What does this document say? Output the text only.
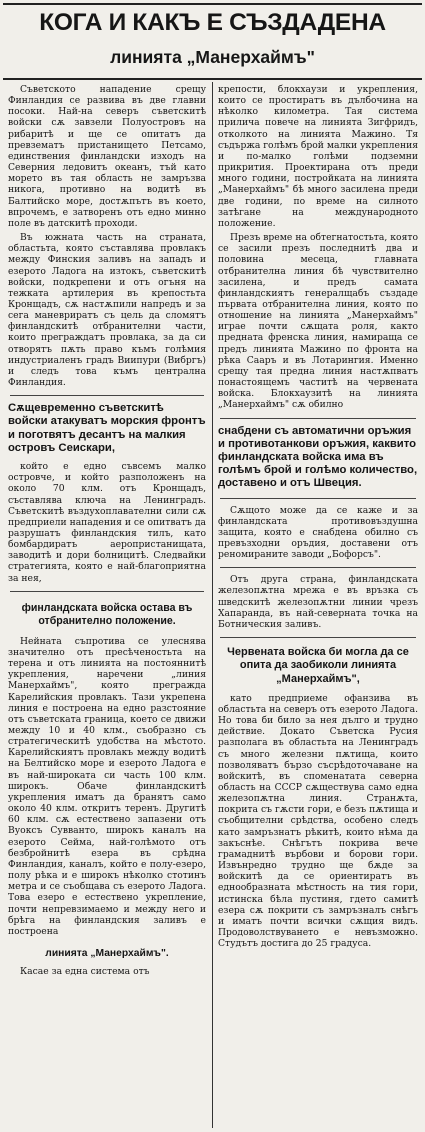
КОГА И КАКЪ Е СЪЗДАДЕНА
линията „Манерхаймъ"

Съветското нападение срещу Финландия се развива въ две главни посоки. Най-на северъ съветскитѣ войски сѫ завзели Полуостровъ на рибаритѣ и ще се опитатъ да превзематъ пристанището Петсамо, единствения финландски изходъ на Северния ледовитъ океанъ, тъй като морето въ тая область не замръзва никога, противно на водитѣ въ Балтийско море, достѫпътъ въ което, впрочемъ, е затворенъ отъ едно минно поле въ датскитѣ проходи.

Въ южната часть на страната, областьта, която съставлява провлакъ между Финския заливъ на западъ и езерото Ладога на изтокъ, съветскитѣ войски, подкрепени и отъ огъня на тежката артилерия въ крепостьта Кронщадъ, сѫ настѫпили напредъ и за сега маневриратъ съ цель да сломятъ финландскитѣ отбранителни части, които преграждатъ провлака, за да си отворятъ пѫть право къмъ голѣмия индустриаленъ градъ Виипури (Вибргъ) и следъ това къмъ централна Финландия.

Сѫщевременно съветскитѣ войски атакуватъ морския фронтъ и поготвятъ десантъ на малкия островъ Сеискари,

който е едно съвсемъ малко островче, и който разположенъ на около 70 клм. отъ Кронщадъ, съставлява ключа на Ленинградъ. Съветскитѣ въздухоплавателни сили сѫ предприели нападения и се опитватъ да разрушатъ финландския тилъ, като бомбардиратъ аеропристанищата, заводитѣ и дори болницитѣ. Следвайки стратегията, която е най-благоприятна за нея,

финландската войска остава въ отбранително положение.

Нейната съпротива се улеснява значително отъ пресѣченостьта на терена и отъ линията на постояннитѣ укрепления, наречени „линия Манерхаймъ", която преграждa Карелийския провлакъ. Тази укрепена линия е построена на едно разстояние отъ съветската граница, което се движи между 10 и 40 клм., съобразно съ стратегическитѣ удобства на мѣстото. Карелийскиятъ провлакъ между водитѣ на Белтийско море и езерото Ладога е въ най-широката си часть 100 клм. широкъ. Обаче финландскитѣ укрепления иматъ да бранятъ само около 40 клм. откритъ теренъ. Другитѣ 60 клм. сѫ естествено запазени отъ Вуоксъ Сувванто, широкъ каналъ на езерото Сейма, най-голѣмото отъ безбройнитѣ езера въ срѣдна Финландия, каналъ, който е полу-езеро, полу рѣка и е широкъ нѣколко стотинъ метра и се съобщава съ езерото Ладога. Това езеро е естествено укрепление, почти непревзимаемо и между него и брѣга на финландския заливъ е построена

линията „Манерхаймъ".

Касае за една система отъ

крепости, блокхаузи и укрепления, които се простиратъ въ дълбочина на нѣколко километра. Тая система прилича повече на линията Зигфридъ, отколкото на линията Мажино. Тя съдържа голѣмъ брой малки укрепления и по-малко голѣми подземни прикрития. Проектирана отъ преди много години, постройката на линията „Манерхаймъ" бѣ много засилена преди две години, по време на силното затѣгане на международното положение.

Презъ време на обтегнатостьта, която се засили презъ последнитѣ два и половина месеца, главната отбранителна линия бѣ чувствително засилена, и предъ самата финландскиятъ генералщабъ създаде първата отбранителна линия, която по отношение на линията „Манерхаймъ" играе почти сѫщата роля, както предната френска линия, намираща се предъ линията Мажино по фронта на рѣка Сааръ и въ Лотарингия. Именно срещу тая предна линия настѫпватъ понастоящемъ частитѣ на червената войска. Блокхаузитѣ на линията „Манерхаймъ" сѫ обилно

снабдени съ автоматични оръжия и противотанкови оръжия, каквито финландската войска има въ голѣмъ брой и голѣмо количество, доставено и отъ Швеция.

Сѫщото може да се каже и за финландската противовъздушна защита, която е снабдена обилно съ превъзходни оръдия, доставени отъ реномираните заводи „Бофорсъ".

Отъ друга страна, финландската железопѫтна мрежа е въ връзка съ шведскитѣ железопѫтни линии чрезъ Хапаранда, въ най-северната точка на Ботническия заливъ.

Червената войска би могла да се опита да заобиколи линията „Манерхаймъ",

като предприеме офанзива въ областьта на северъ отъ езерото Ладога. Но това би било за нея дълго и трудно действие. Докато Съветска Русия разполага въ областьта на Ленинградъ съ много железни пѫтища, които позволяватъ бързо съсрѣдоточаване на войскитѣ, въ споменатата северна область на СССР сѫществува само една железопѫтна линия. Странѫта, покрита съ гѫсти гори, е безъ пѫтища и съобщителни срѣдства, особено следъ като замръзнатъ рѣкитѣ, които нѣма да закъснѣе. Снѣгътъ покрива вече грамаднитѣ върбови и борови гори. Извънредно трудно ще бѫде за войскитѣ да се ориентиратъ въ еднообразната мѣстность на тия гори, истинска бѣла пустиня, гдето самитѣ езера сѫ покрити съ замръзналъ снѣгъ и иматъ почти всички сѫщия видъ. Продоволствуването е невъзможно. Студътъ достига до 25 градуса.
